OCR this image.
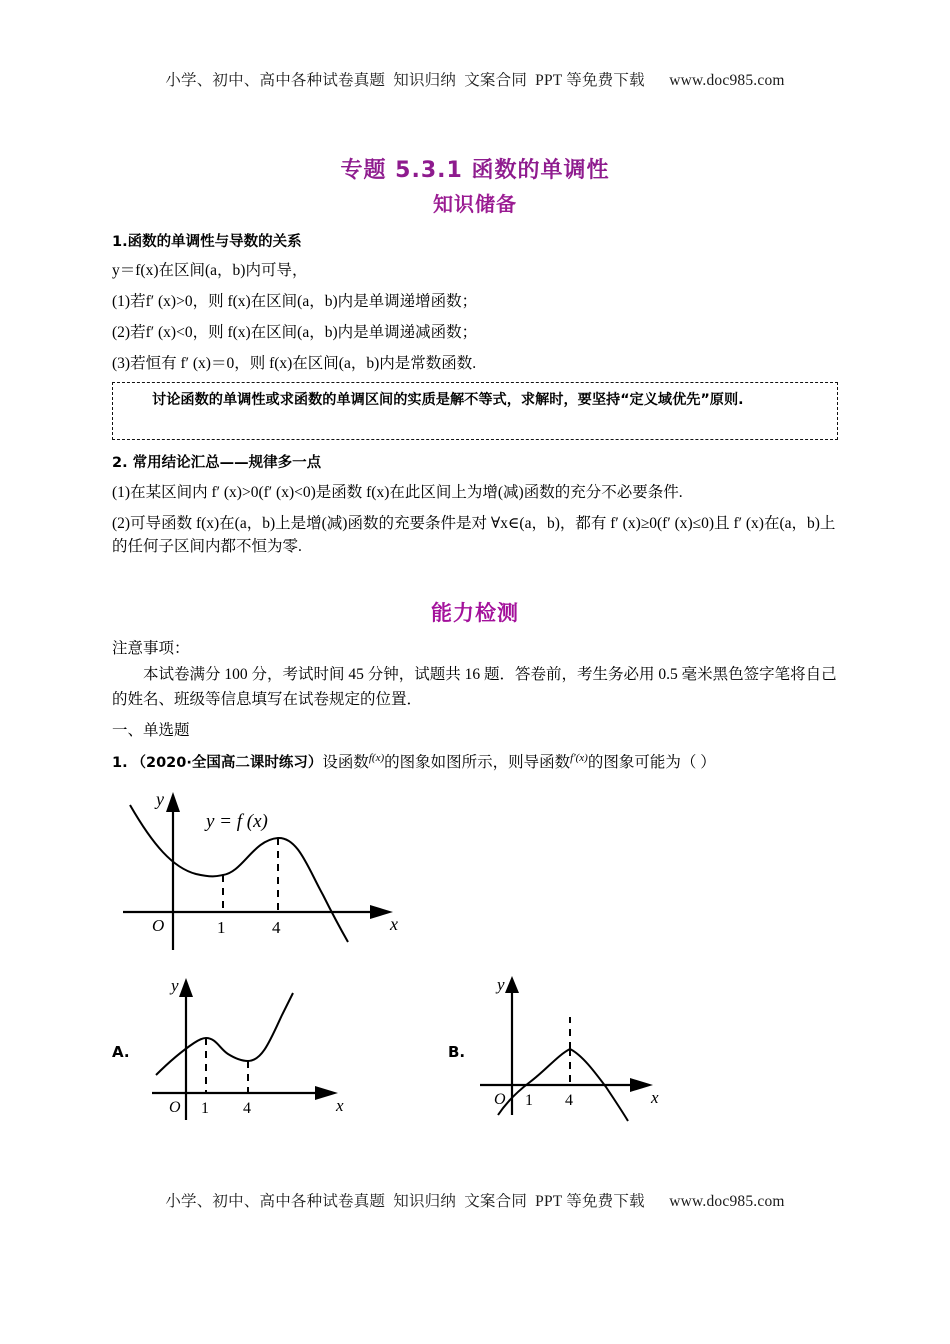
小学、初中、高中各种试卷真题  知识归纳  文案合同  PPT 等免费下载      www.doc985.com
专题 5.3.1 函数的单调性
知识储备
1.函数的单调性与导数的关系
y＝f(x)在区间(a，b)内可导，
(1)若f′ (x)>0，则 f(x)在区间(a，b)内是单调递增函数；
(2)若f′ (x)<0，则 f(x)在区间(a，b)内是单调递减函数；
(3)若恒有 f′ (x)＝0，则 f(x)在区间(a，b)内是常数函数.
讨论函数的单调性或求函数的单调区间的实质是解不等式，求解时，要坚持“定义域优先”原则.
2. 常用结论汇总——规律多一点
(1)在某区间内 f′ (x)>0(f′ (x)<0)是函数 f(x)在此区间上为增(减)函数的充分不必要条件.
(2)可导函数 f(x)在(a，b)上是增(减)函数的充要条件是对 ∀x∈(a，b)，都有 f′ (x)≥0(f′ (x)≤0)且 f′ (x)在(a，b)上的任何子区间内都不恒为零.
能力检测
注意事项：
本试卷满分 100 分，考试时间 45 分钟，试题共 16 题．答卷前，考生务必用 0.5 毫米黑色签字笔将自己的姓名、班级等信息填写在试卷规定的位置．
一、单选题
1. （2020·全国高二课时练习）设函数$^{f(x)}$的图象如图所示，则导函数$^{f'(x)}$的图象可能为（ ）
y
x
O	1	4
y = f (x)
A.
y
x
O 1 4
B.
y
x
O 1 4
小学、初中、高中各种试卷真题  知识归纳  文案合同  PPT 等免费下载      www.doc985.com
